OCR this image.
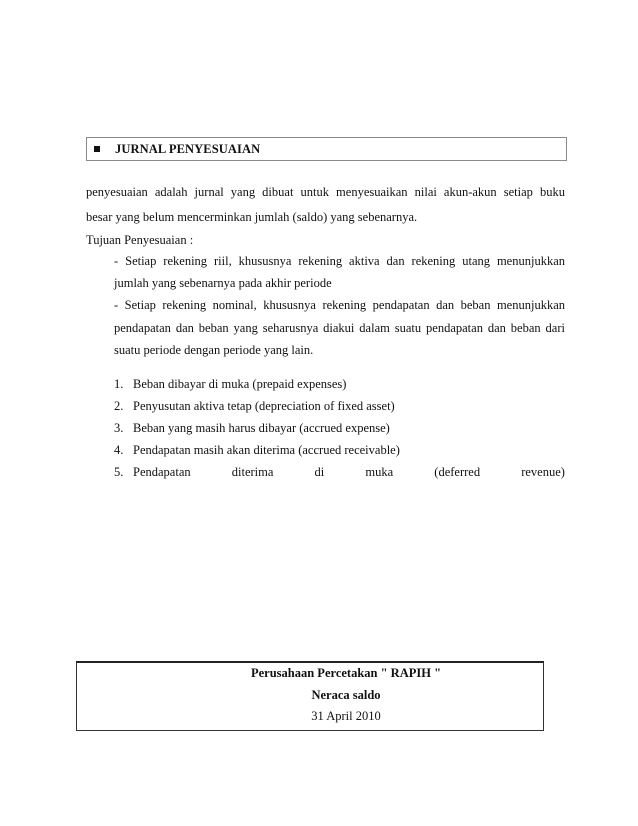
JURNAL PENYESUAIAN
penyesuaian adalah jurnal yang dibuat untuk menyesuaikan nilai akun-akun setiap buku
besar yang belum mencerminkan jumlah (saldo) yang sebenarnya.
Tujuan Penyesuaian :
- Setiap rekening riil, khususnya rekening aktiva dan rekening utang menunjukkan
jumlah yang sebenarnya pada akhir periode
- Setiap rekening nominal, khususnya rekening pendapatan dan beban menunjukkan
pendapatan dan beban yang seharusnya diakui dalam suatu pendapatan dan beban dari
suatu periode dengan periode yang lain.
1. Beban dibayar di muka (prepaid expenses)
2. Penyusutan aktiva tetap (depreciation of fixed asset)
3. Beban yang masih harus dibayar (accrued expense)
4. Pendapatan masih akan diterima (accrued receivable)
5. Pendapatan	diterima	di	muka	(deferred	revenue)
Perusahaan Percetakan " RAPIH "
Neraca saldo
31 April 2010
